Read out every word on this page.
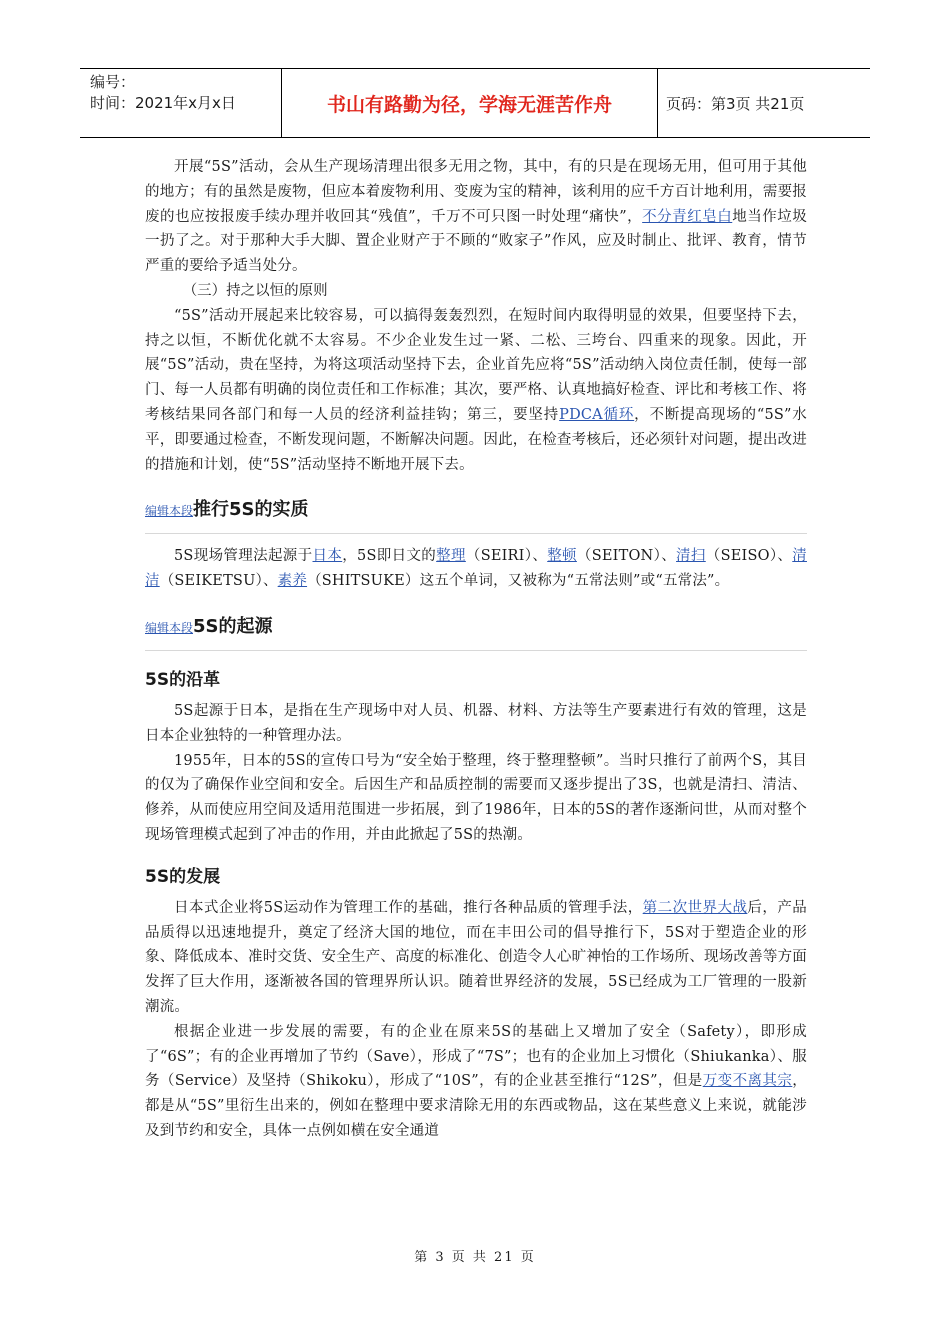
编号：
时间：2021年x月x日	书山有路勤为径，学海无涯苦作舟	页码：第3页 共21页

开展“5S”活动，会从生产现场清理出很多无用之物，其中，有的只是在现场无用，但可用于其他的地方；有的虽然是废物，但应本着废物利用、变废为宝的精神，该利用的应千方百计地利用，需要报废的也应按报废手续办理并收回其“残值”，千万不可只图一时处理“痛快”，不分青红皂白地当作垃圾一扔了之。对于那种大手大脚、置企业财产于不顾的“败家子”作风，应及时制止、批评、教育，情节严重的要给予适当处分。

（三）持之以恒的原则

“5S”活动开展起来比较容易，可以搞得轰轰烈烈，在短时间内取得明显的效果，但要坚持下去，持之以恒，不断优化就不太容易。不少企业发生过一紧、二松、三垮台、四重来的现象。因此，开展“5S”活动，贵在坚持，为将这项活动坚持下去，企业首先应将“5S”活动纳入岗位责任制，使每一部门、每一人员都有明确的岗位责任和工作标准；其次，要严格、认真地搞好检查、评比和考核工作、将考核结果同各部门和每一人员的经济利益挂钩；第三，要坚持PDCA循环，不断提高现场的“5S”水平，即要通过检查，不断发现问题，不断解决问题。因此，在检查考核后，还必须针对问题，提出改进的措施和计划，使“5S”活动坚持不断地开展下去。

编辑本段推行5S的实质

5S现场管理法起源于日本，5S即日文的整理（SEIRI）、整顿（SEITON）、清扫（SEISO）、清洁（SEIKETSU）、素养（SHITSUKE）这五个单词，又被称为“五常法则”或“五常法”。

编辑本段5S的起源
5S的沿革

5S起源于日本，是指在生产现场中对人员、机器、材料、方法等生产要素进行有效的管理，这是日本企业独特的一种管理办法。

1955年，日本的5S的宣传口号为“安全始于整理，终于整理整顿”。当时只推行了前两个S，其目的仅为了确保作业空间和安全。后因生产和品质控制的需要而又逐步提出了3S，也就是清扫、清洁、修养，从而使应用空间及适用范围进一步拓展，到了1986年，日本的5S的著作逐渐问世，从而对整个现场管理模式起到了冲击的作用，并由此掀起了5S的热潮。

5S的发展

日本式企业将5S运动作为管理工作的基础，推行各种品质的管理手法，第二次世界大战后，产品品质得以迅速地提升，奠定了经济大国的地位，而在丰田公司的倡导推行下，5S对于塑造企业的形象、降低成本、准时交货、安全生产、高度的标准化、创造令人心旷神怡的工作场所、现场改善等方面发挥了巨大作用，逐渐被各国的管理界所认识。随着世界经济的发展，5S已经成为工厂管理的一股新潮流。

根据企业进一步发展的需要，有的企业在原来5S的基础上又增加了安全（Safety），即形成了“6S”；有的企业再增加了节约（Save），形成了“7S”；也有的企业加上习惯化（Shiukanka）、服务（Service）及坚持（Shikoku），形成了“10S”，有的企业甚至推行“12S”，但是万变不离其宗，都是从“5S”里衍生出来的，例如在整理中要求清除无用的东西或物品，这在某些意义上来说，就能涉及到节约和安全，具体一点例如横在安全通道

第 3 页 共 21 页
